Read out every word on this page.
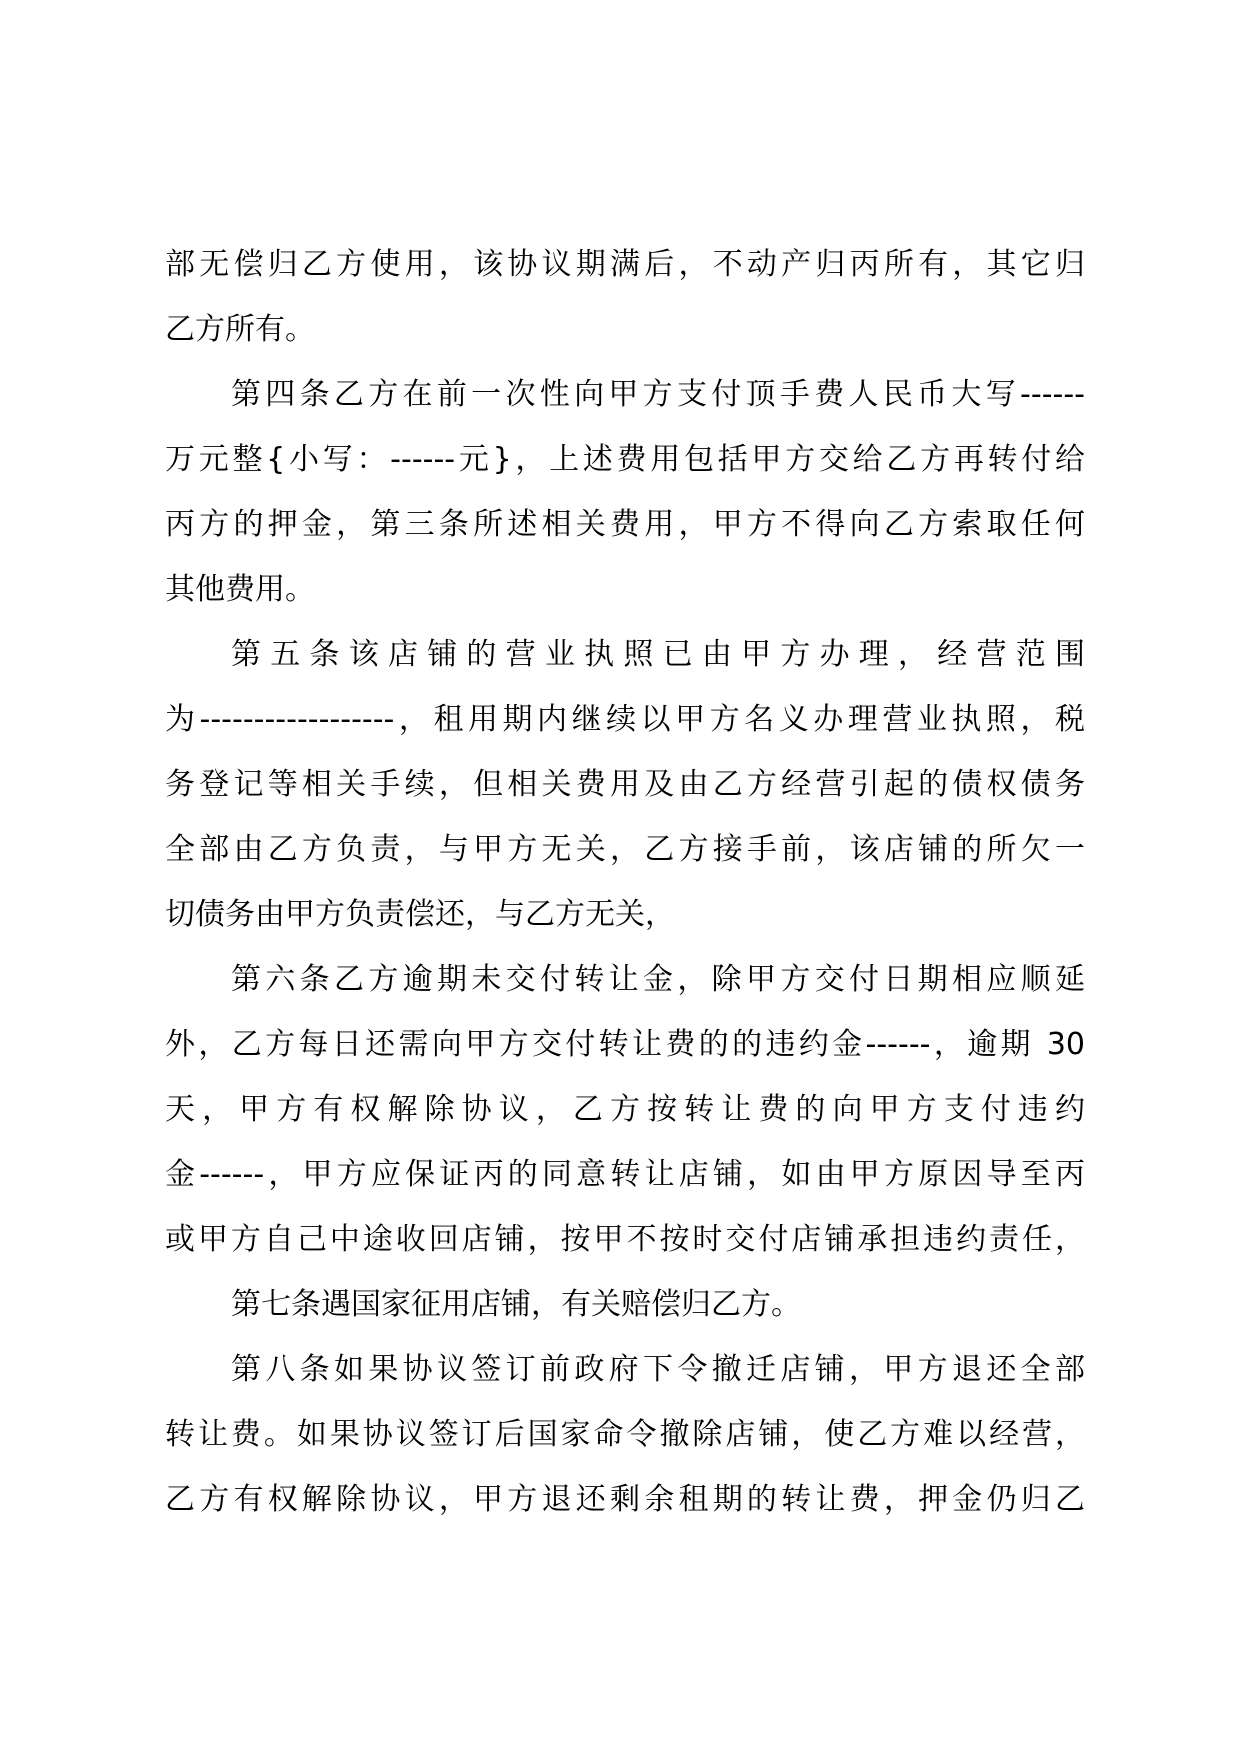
部无偿归乙方使用，该协议期满后，不动产归丙所有，其它归
乙方所有。
第四条乙方在前一次性向甲方支付顶手费人民币大写------
万元整{小写：------元}，上述费用包括甲方交给乙方再转付给
丙方的押金，第三条所述相关费用，甲方不得向乙方索取任何
其他费用。
第五条该店铺的营业执照已由甲方办理，经营范围
为------------------，租用期内继续以甲方名义办理营业执照，税
务登记等相关手续，但相关费用及由乙方经营引起的债权债务
全部由乙方负责，与甲方无关，乙方接手前，该店铺的所欠一
切债务由甲方负责偿还，与乙方无关，
第六条乙方逾期未交付转让金，除甲方交付日期相应顺延
外，乙方每日还需向甲方交付转让费的的违约金------，逾期 30
天，甲方有权解除协议，乙方按转让费的向甲方支付违约
金------，甲方应保证丙的同意转让店铺，如由甲方原因导至丙
或甲方自己中途收回店铺，按甲不按时交付店铺承担违约责任，
第七条遇国家征用店铺，有关赔偿归乙方。
第八条如果协议签订前政府下令撤迁店铺，甲方退还全部
转让费。如果协议签订后国家命令撤除店铺，使乙方难以经营，
乙方有权解除协议，甲方退还剩余租期的转让费，押金仍归乙
